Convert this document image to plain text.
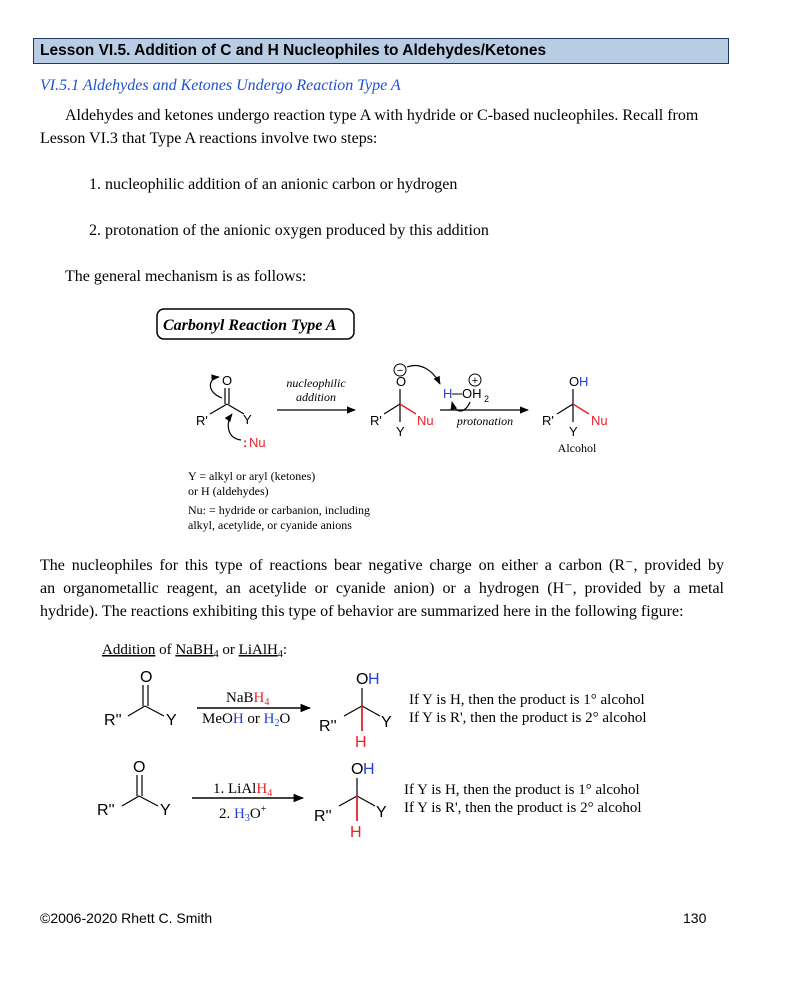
Lesson VI.5. Addition of C and H Nucleophiles to Aldehydes/Ketones
VI.5.1 Aldehydes and Ketones Undergo Reaction Type A
Aldehydes and ketones undergo reaction type A with hydride or C-based nucleophiles. Recall from
Lesson VI.3 that Type A reactions involve two steps:
1. nucleophilic addition of an anionic carbon or hydrogen
2. protonation of the anionic oxygen produced by this addition
The general mechanism is as follows:
Carbonyl Reaction Type A
O
R'	Y
: Nu
nucleophilic
addition
−
O
R'
Y
Nu
H OH 2
+
protonation
O H
R'
Y
Nu
Alcohol
Y = alkyl or aryl (ketones)
or H (aldehydes)
Nu: = hydride or carbanion, including
alkyl, acetylide, or cyanide anions
The nucleophiles for this type of reactions bear negative charge on either a carbon (R⁻, provided by
an organometallic reagent, an acetylide or cyanide anion) or a hydrogen (H⁻, provided by a metal
hydride). The reactions exhibiting this type of behavior are summarized here in the following figure:
Addition of NaBH$_4$ or LiAlH$_4$:
O
R''	Y
NaBH$_4$
MeOH or $H_2O$
O H
R''	Y
H
If Y is H, then the product is 1° alcohol
If Y is R', then the product is 2° alcohol
O
R''	Y
1. LiAlH$_4$
2. $H_3O^+$
O H
R''	Y
H
If Y is H, then the product is 1° alcohol
If Y is R', then the product is 2° alcohol
©2006-2020 Rhett C. Smith	130
